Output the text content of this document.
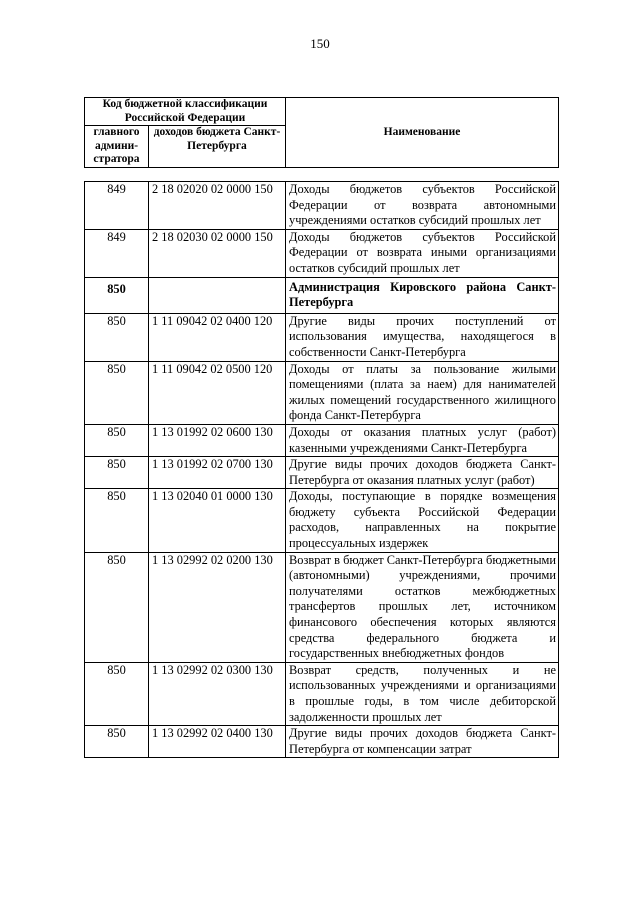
150
Код бюджетной классификации Российской Федерации		Наименование
главного админи-стратора	доходов бюджета Санкт-Петербурга	
849	2 18 02020 02 0000 150	Доходы бюджетов субъектов Российской Федерации от возврата автономными учреждениями остатков субсидий прошлых лет
849	2 18 02030 02 0000 150	Доходы бюджетов субъектов Российской Федерации от возврата иными организациями остатков субсидий прошлых лет
850		Администрация Кировского района Санкт-Петербурга
850	1 11 09042 02 0400 120	Другие виды прочих поступлений от использования имущества, находящегося в собственности Санкт-Петербурга
850	1 11 09042 02 0500 120	Доходы от платы за пользование жилыми помещениями (плата за наем) для нанимателей жилых помещений государственного жилищного фонда Санкт-Петербурга
850	1 13 01992 02 0600 130	Доходы от оказания платных услуг (работ) казенными учреждениями Санкт-Петербурга
850	1 13 01992 02 0700 130	Другие виды прочих доходов бюджета Санкт-Петербурга от оказания платных услуг (работ)
850	1 13 02040 01 0000 130	Доходы, поступающие в порядке возмещения бюджету субъекта Российской Федерации расходов, направленных на покрытие процессуальных издержек
850	1 13 02992 02 0200 130	Возврат в бюджет Санкт-Петербурга бюджетными (автономными) учреждениями, прочими получателями остатков межбюджетных трансфертов прошлых лет, источником финансового обеспечения которых являются средства федерального бюджета и государственных внебюджетных фондов
850	1 13 02992 02 0300 130	Возврат средств, полученных и не использованных учреждениями и организациями в прошлые годы, в том числе дебиторской задолженности прошлых лет
850	1 13 02992 02 0400 130	Другие виды прочих доходов бюджета Санкт-Петербурга от компенсации затрат
